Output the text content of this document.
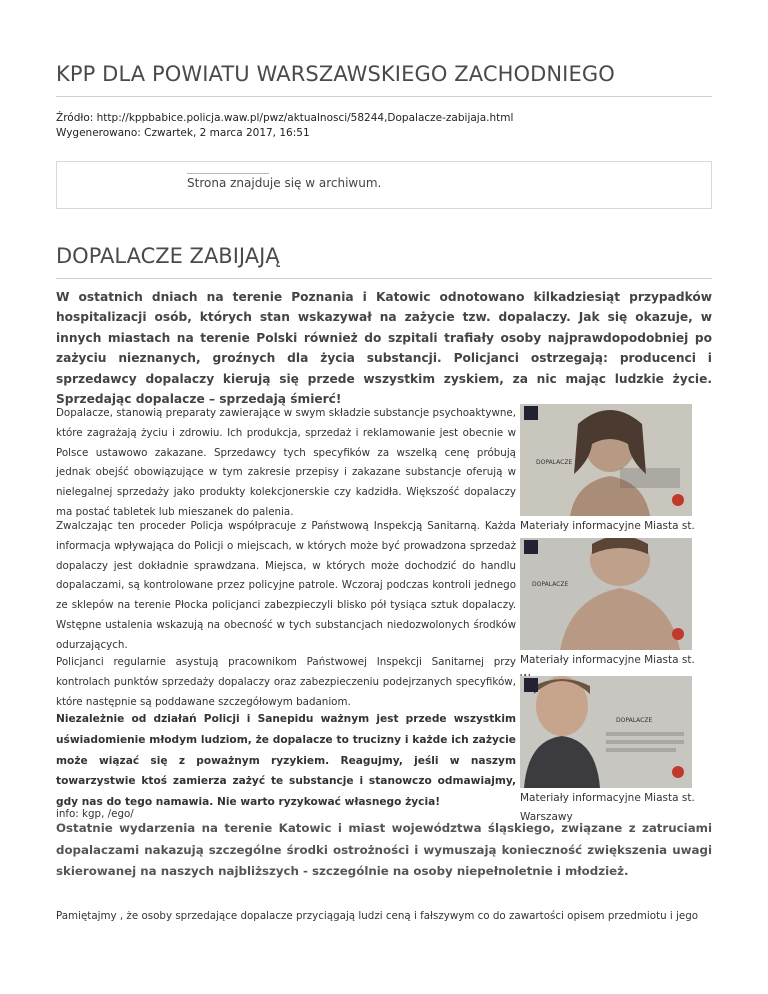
KPP DLA POWIATU WARSZAWSKIEGO ZACHODNIEGO
Źródło: http://kppbabice.policja.waw.pl/pwz/aktualnosci/58244,Dopalacze-zabijaja.html
Wygenerowano: Czwartek, 2 marca 2017, 16:51
Strona znajduje się w archiwum.
DOPALACZE ZABIJAJĄ

W ostatnich dniach na terenie Poznania i Katowic odnotowano kilkadziesiąt przypadków hospitalizacji osób, których stan wskazywał na zażycie tzw. dopalaczy. Jak się okazuje, w innych miastach na terenie Polski również do szpitali trafiały osoby najprawdopodobniej po zażyciu nieznanych, groźnych dla życia substancji. Policjanci ostrzegają: producenci i sprzedawcy dopalaczy kierują się przede wszystkim zyskiem, za nic mając ludzkie życie. Sprzedając dopalacze – sprzedają śmierć!

Dopalacze, stanowią preparaty zawierające w swym składzie substancje psychoaktywne, które zagrażają życiu i zdrowiu. Ich produkcja, sprzedaż i reklamowanie jest obecnie w Polsce ustawowo zakazane. Sprzedawcy tych specyfików za wszelką cenę próbują jednak obejść obowiązujące w tym zakresie przepisy i zakazane substancje oferują w nielegalnej sprzedaży jako produkty kolekcjonerskie czy kadzidła. Większość dopalaczy ma postać tabletek lub mieszanek do palenia.

Zwalczając ten proceder Policja współpracuje z Państwową Inspekcją Sanitarną. Każda informacja wpływająca do Policji o miejscach, w których może być prowadzona sprzedaż dopalaczy jest dokładnie sprawdzana. Miejsca, w których może dochodzić do handlu dopalaczami, są kontrolowane przez policyjne patrole. Wczoraj podczas kontroli jednego ze sklepów na terenie Płocka policjanci zabezpieczyli blisko pół tysiąca sztuk dopalaczy. Wstępne ustalenia wskazują na obecność w tych substancjach niedozwolonych środków odurzających.

Policjanci regularnie asystują pracownikom Państwowej Inspekcji Sanitarnej przy kontrolach punktów sprzedaży dopalaczy oraz zabezpieczeniu podejrzanych specyfików, które następnie są poddawane szczegółowym badaniom.

Niezależnie od działań Policji i Sanepidu ważnym jest przede wszystkim uświadomienie młodym ludziom, że dopalacze to trucizny i każde ich zażycie może wiązać się z poważnym ryzykiem. Reagujmy, jeśli w naszym towarzystwie ktoś zamierza zażyć te substancje i stanowczo odmawiajmy, gdy nas do tego namawia. Nie warto ryzykować własnego życia!

DOPALACZE
Materiały informacyjne Miasta st.
DOPALACZE
Materiały informacyjne Miasta st.
DOPALACZE
Materiały informacyjne Miasta st. Warszawy
info: kgp, /ego/

Ostatnie wydarzenia na terenie Katowic i miast województwa śląskiego, związane z zatruciami dopalaczami nakazują szczególne środki ostrożności i wymuszają konieczność zwiększenia uwagi skierowanej na naszych najbliższych - szczególnie na osoby niepełnoletnie i młodzież.

Pamiętajmy , że osoby sprzedające dopalacze przyciągają ludzi ceną i fałszywym co do zawartości opisem przedmiotu i jego
